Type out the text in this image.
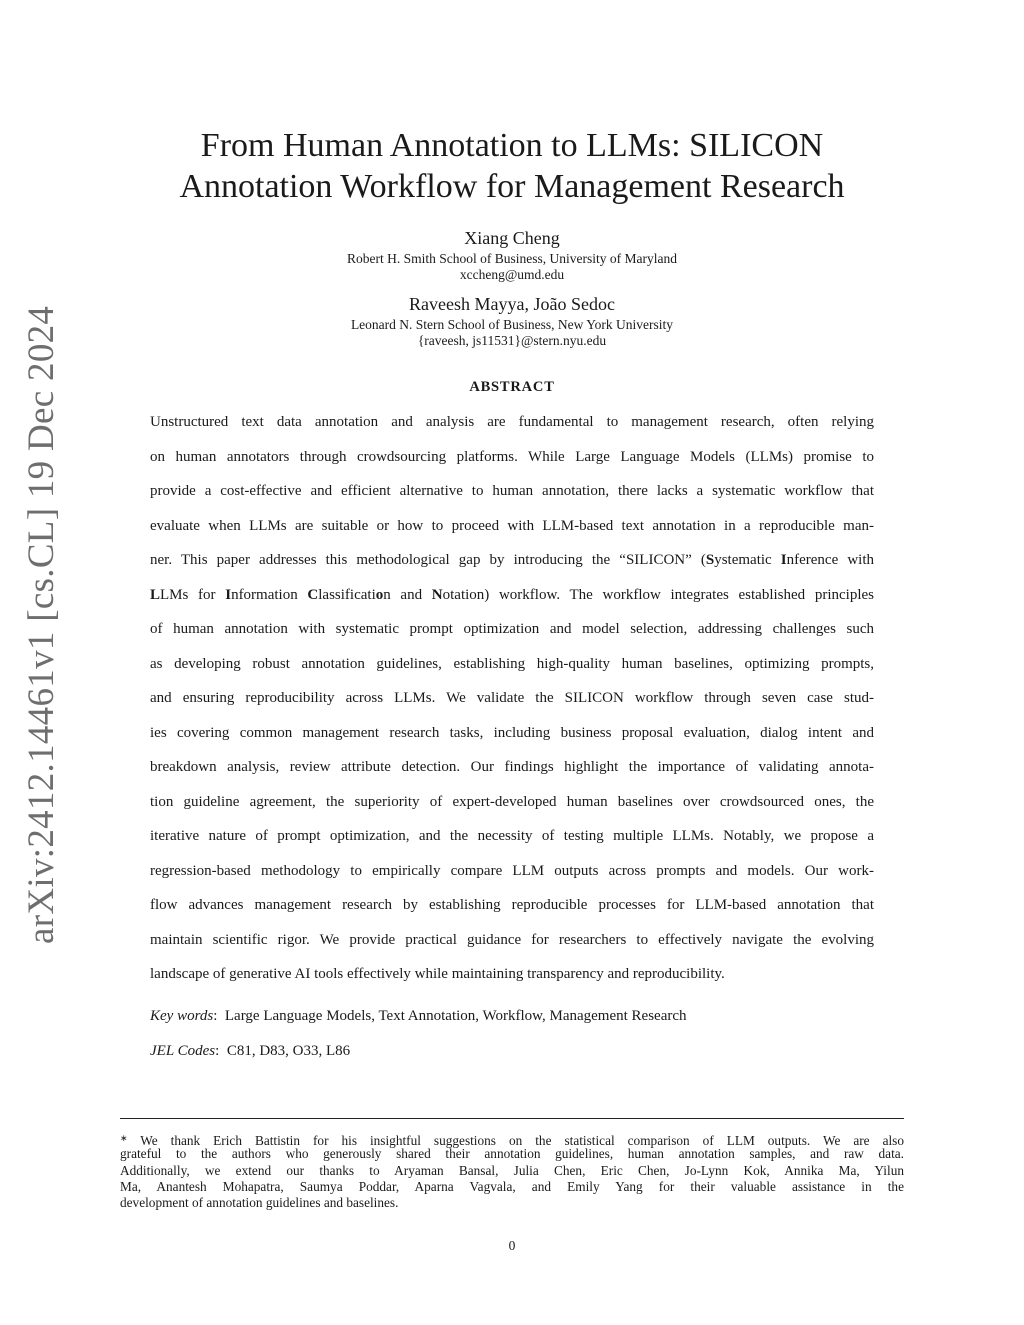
arXiv:2412.14461v1 [cs.CL] 19 Dec 2024
From Human Annotation to LLMs: SILICON
Annotation Workflow for Management Research
Xiang Cheng
Robert H. Smith School of Business, University of Maryland
xccheng@umd.edu
Raveesh Mayya, João Sedoc
Leonard N. Stern School of Business, New York University
{raveesh, js11531}@stern.nyu.edu
ABSTRACT
Unstructured text data annotation and analysis are fundamental to management research, often relying
on human annotators through crowdsourcing platforms. While Large Language Models (LLMs) promise to
provide a cost-effective and efficient alternative to human annotation, there lacks a systematic workflow that
evaluate when LLMs are suitable or how to proceed with LLM-based text annotation in a reproducible man-
ner. This paper addresses this methodological gap by introducing the “SILICON” (Systematic Inference with
LLMs for Information Classification and Notation) workflow. The workflow integrates established principles
of human annotation with systematic prompt optimization and model selection, addressing challenges such
as developing robust annotation guidelines, establishing high-quality human baselines, optimizing prompts,
and ensuring reproducibility across LLMs. We validate the SILICON workflow through seven case stud-
ies covering common management research tasks, including business proposal evaluation, dialog intent and
breakdown analysis, review attribute detection. Our findings highlight the importance of validating annota-
tion guideline agreement, the superiority of expert-developed human baselines over crowdsourced ones, the
iterative nature of prompt optimization, and the necessity of testing multiple LLMs. Notably, we propose a
regression-based methodology to empirically compare LLM outputs across prompts and models. Our work-
flow advances management research by establishing reproducible processes for LLM-based annotation that
maintain scientific rigor. We provide practical guidance for researchers to effectively navigate the evolving
landscape of generative AI tools effectively while maintaining transparency and reproducibility.
Key words: Large Language Models, Text Annotation, Workflow, Management Research
JEL Codes: C81, D83, O33, L86
∗ We thank Erich Battistin for his insightful suggestions on the statistical comparison of LLM outputs. We are also
grateful to the authors who generously shared their annotation guidelines, human annotation samples, and raw data.
Additionally, we extend our thanks to Aryaman Bansal, Julia Chen, Eric Chen, Jo-Lynn Kok, Annika Ma, Yilun
Ma, Anantesh Mohapatra, Saumya Poddar, Aparna Vagvala, and Emily Yang for their valuable assistance in the
development of annotation guidelines and baselines.
0
